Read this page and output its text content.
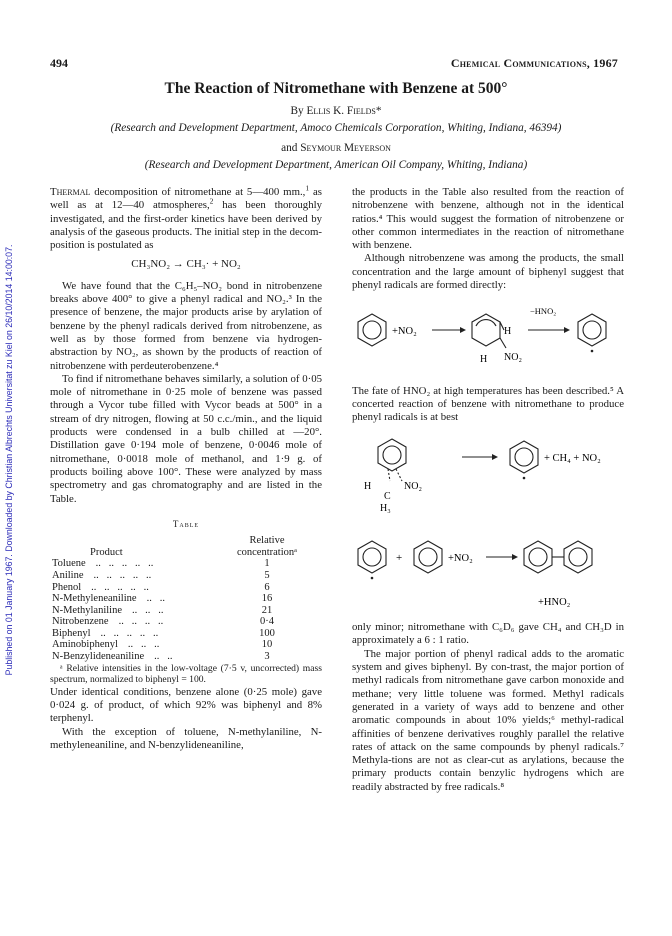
Published on 01 January 1967. Downloaded by Christian Albrechts Universitat zu Kiel on 26/10/2014 14:00:07.
494	Chemical Communications, 1967
The Reaction of Nitromethane with Benzene at 500°
By Ellis K. Fields*
(Research and Development Department, Amoco Chemicals Corporation, Whiting, Indiana, 46394)
and Seymour Meyerson
(Research and Development Department, American Oil Company, Whiting, Indiana)

Thermal decomposition of nitromethane at 5—400 mm.,$^1$ as well as at 12—40 atmospheres,$^2$ has been thoroughly investigated, and the first-order kinetics have been derived by analysis of the gaseous products. The initial step in the decom-position is postulated as

CH₃NO₂ → CH₃· + NO₂

We have found that the C₆H₅–NO₂ bond in nitrobenzene breaks above 400° to give a phenyl radical and NO₂.³ In the presence of benzene, the major products arise by arylation of benzene by the phenyl radicals derived from nitrobenzene, as well as by those formed from benzene via hydrogen-abstraction by NO₂, as shown by the products of reaction of nitrobenzene with perdeuterobenzene.⁴

To find if nitromethane behaves similarly, a solution of 0·05 mole of nitromethane in 0·25 mole of benzene was passed through a Vycor tube filled with Vycor beads at 500° in a stream of dry nitrogen, flowing at 50 c.c./min., and the liquid products were condensed in a bulb chilled at —20°. Distillation gave 0·194 mole of benzene, 0·0046 mole of nitromethane, 0·0018 mole of methanol, and 1·9 g. of products boiling above 100°. These were analyzed by mass spectrometry and gas chromatography and are listed in the Table.

Table
	Relative
Product	concentrationᵃ
Toluene ..   ..   ..   ..   ..	1
Aniline ..   ..   ..   ..   ..	5
Phenol ..   ..   ..   ..   ..	6
N-Methyleneaniline ..   ..	16
N-Methylaniline ..   ..   ..	21
Nitrobenzene ..   ..   ..   ..	0·4
Biphenyl ..   ..   ..   ..   ..	100
Aminobiphenyl ..   ..   ..	10
N-Benzylideneaniline ..   ..	3

ᵃ Relative intensities in the low-voltage (7·5 v, uncorrected) mass spectrum, normalized to biphenyl = 100.

Under identical conditions, benzene alone (0·25 mole) gave 0·024 g. of product, of which 92% was biphenyl and 8% terphenyl.

With the exception of toluene, N-methylaniline, N-methyleneaniline, and N-benzylideneaniline,

the products in the Table also resulted from the reaction of nitrobenzene with benzene, although not in the identical ratios.⁴ This would suggest the formation of nitrobenzene or other common intermediates in the reaction of nitromethane with benzene.

Although nitrobenzene was among the products, the small concentration and the large amount of biphenyl suggest that phenyl radicals are formed directly:

+NO₂	H
NO₂
H
−HNO₂

The fate of HNO₂ at high temperatures has been described.⁵ A concerted reaction of benzene with nitromethane to produce phenyl radicals is at best

H
C
NO₂
H₃
+ CH₄ + NO₂

+	+NO₂
+HNO₂

only minor; nitromethane with C₆D₆ gave CH₄ and CH₃D in approximately a 6 : 1 ratio.

The major portion of phenyl radical adds to the aromatic system and gives biphenyl. By con-trast, the major portion of methyl radicals from nitromethane gave carbon monoxide and methane; very little toluene was formed. Methyl radicals generated in a variety of ways add to benzene and other aromatic compounds in about 10% yields;⁶ methyl-radical affinities of benzene derivatives roughly parallel the relative rates of attack on the same compounds by phenyl radicals.⁷ Methyla-tions are not as clear-cut as arylations, because the primary products contain benzylic hydrogens which are readily abstracted by free radicals.⁸
